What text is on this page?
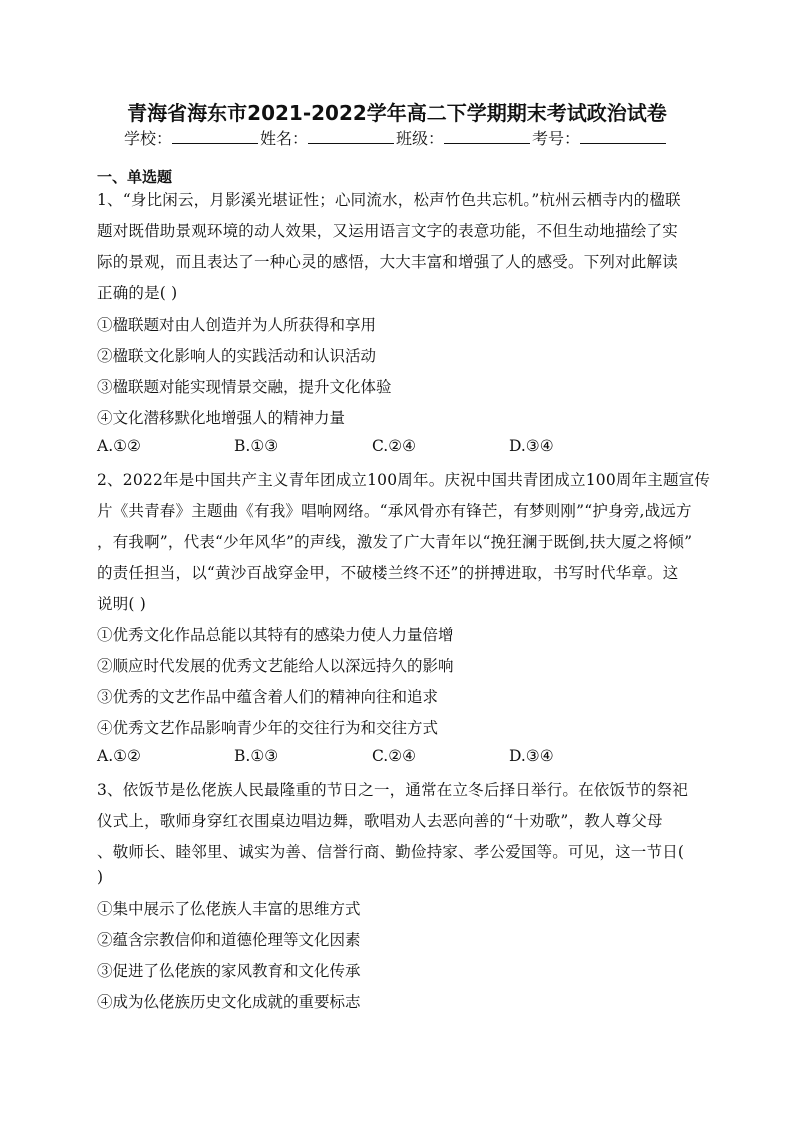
青海省海东市2021-2022学年高二下学期期末考试政治试卷
学校：	姓名：	班级：	考号：
一、单选题
1、“身比闲云，月影溪光堪证性；心同流水，松声竹色共忘机。”杭州云栖寺内的楹联
题对既借助景观环境的动人效果，又运用语言文字的表意功能，不但生动地描绘了实
际的景观，而且表达了一种心灵的感悟，大大丰富和增强了人的感受。下列对此解读
正确的是( )
①楹联题对由人创造并为人所获得和享用
②楹联文化影响人的实践活动和认识活动
③楹联题对能实现情景交融，提升文化体验
④文化潜移默化地增强人的精神力量
A.①②	B.①③	C.②④	D.③④
2、2022年是中国共产主义青年团成立100周年。庆祝中国共青团成立100周年主题宣传
片《共青春》主题曲《有我》唱响网络。“承风骨亦有锋芒，有梦则刚”“护身旁,战远方
，有我啊”，代表“少年风华”的声线，激发了广大青年以“挽狂澜于既倒,扶大厦之将倾”
的责任担当，以“黄沙百战穿金甲，不破楼兰终不还”的拼搏进取，书写时代华章。这
说明( )
①优秀文化作品总能以其特有的感染力使人力量倍增
②顺应时代发展的优秀文艺能给人以深远持久的影响
③优秀的文艺作品中蕴含着人们的精神向往和追求
④优秀文艺作品影响青少年的交往行为和交往方式
A.①②	B.①③	C.②④	D.③④
3、依饭节是仫佬族人民最隆重的节日之一，通常在立冬后择日举行。在依饭节的祭祀
仪式上，歌师身穿红衣围桌边唱边舞，歌唱劝人去恶向善的“十劝歌”，教人尊父母
、敬师长、睦邻里、诚实为善、信誉行商、勤俭持家、孝公爱国等。可见，这一节日(
)
①集中展示了仫佬族人丰富的思维方式
②蕴含宗教信仰和道德伦理等文化因素
③促进了仫佬族的家风教育和文化传承
④成为仫佬族历史文化成就的重要标志
